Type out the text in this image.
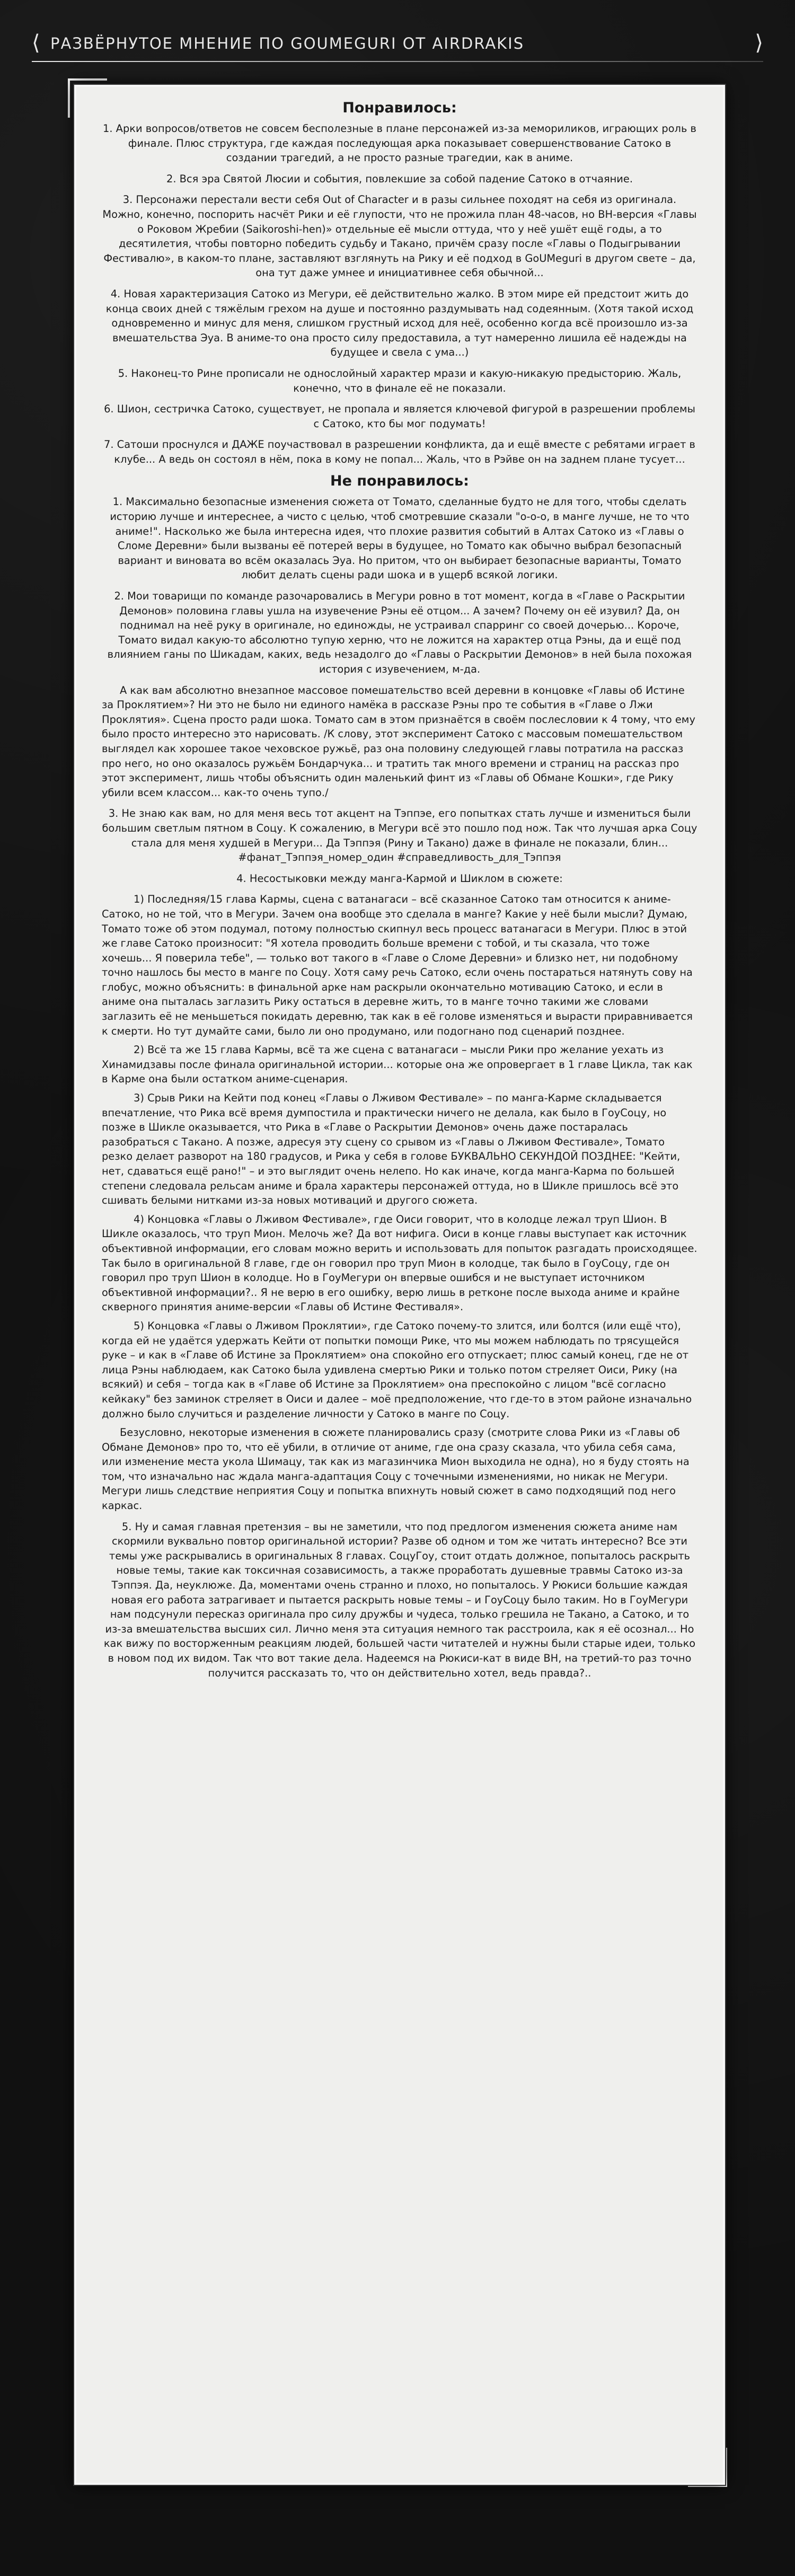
⟨ РАЗВЁРНУТОЕ МНЕНИЕ ПО GOUMEGURI ОТ AIRDRAKIS	⟩
Понравилось:

1. Арки вопросов/ответов не совсем бесполезные в плане персонажей из-за мемориликов, играющих роль в финале. Плюс структура, где каждая последующая арка показывает совершенствование Сатоко в создании трагедий, а не просто разные трагедии, как в аниме.

2. Вся эра Святой Люсии и события, повлекшие за собой падение Сатоко в отчаяние.

3. Персонажи перестали вести себя Out of Character и в разы сильнее походят на себя из оригинала. Можно, конечно, поспорить насчёт Рики и её глупости, что не прожила план 48-часов, но ВН-версия «Главы о Роковом Жребии (Saikoroshi-hen)» отдельные её мысли оттуда, что у неё ушёт ещё годы, а то десятилетия, чтобы повторно победить судьбу и Такано, причём сразу после «Главы о Подыгрывании Фестивалю», в каком-то плане, заставляют взглянуть на Рику и её подход в GoUMeguri в другом свете – да, она тут даже умнее и инициативнее себя обычной...

4. Новая характеризация Сатоко из Мегури, её действительно жалко. В этом мире ей предстоит жить до конца своих дней с тяжёлым грехом на душе и постоянно раздумывать над содеянным. (Хотя такой исход одновременно и минус для меня, слишком грустный исход для неё, особенно когда всё произошло из-за вмешательства Эуа. В аниме-то она просто силу предоставила, а тут намеренно лишила её надежды на будущее и свела с ума...)

5. Наконец-то Рине прописали не однослойный характер мрази и какую-никакую предысторию. Жаль, конечно, что в финале её не показали.

6. Шион, сестричка Сатоко, существует, не пропала и является ключевой фигурой в разрешении проблемы с Сатоко, кто бы мог подумать!

7. Сатоши проснулся и ДАЖЕ поучаствовал в разрешении конфликта, да и ещё вместе с ребятами играет в клубе... А ведь он состоял в нём, пока в кому не попал... Жаль, что в Рэйве он на заднем плане тусует...

Не понравилось:

1. Максимально безопасные изменения сюжета от Томато, сделанные будто не для того, чтобы сделать историю лучше и интереснее, а чисто с целью, чтоб смотревшие сказали "о-о-о, в манге лучше, не то что аниме!". Насколько же была интересна идея, что плохие развития событий в Алтах Сатоко из «Главы о Сломе Деревни» были вызваны её потерей веры в будущее, но Томато как обычно выбрал безопасный вариант и виновата во всём оказалась Эуа. Но притом, что он выбирает безопасные варианты, Томато любит делать сцены ради шока и в ущерб всякой логики.

2. Мои товарищи по команде разочаровались в Мегури ровно в тот момент, когда в «Главе о Раскрытии Демонов» половина главы ушла на изувечение Рэны её отцом... А зачем? Почему он её изувил? Да, он поднимал на неё руку в оригинале, но единожды, не устраивал спарринг со своей дочерью... Короче, Томато видал какую-то абсолютно тупую херню, что не ложится на характер отца Рэны, да и ещё под влиянием ганы по Шикадам, каких, ведь незадолго до «Главы о Раскрытии Демонов» в ней была похожая история с изувечением, м-да.

А как вам абсолютно внезапное массовое помешательство всей деревни в концовке «Главы об Истине за Проклятием»? Ни это не было ни единого намёка в рассказе Рэны про те события в «Главе о Лжи Проклятия». Сцена просто ради шока. Томато сам в этом признаётся в своём послесловии к 4 тому, что ему было просто интересно это нарисовать. /К слову, этот эксперимент Сатоко с массовым помешательством выглядел как хорошее такое чеховское ружьё, раз она половину следующей главы потратила на рассказ про него, но оно оказалось ружьём Бондарчука... и тратить так много времени и страниц на рассказ про этот эксперимент, лишь чтобы объяснить один маленький финт из «Главы об Обмане Кошки», где Рику убили всем классом... как-то очень тупо./

3. Не знаю как вам, но для меня весь тот акцент на Тэппэе, его попытках стать лучше и измениться были большим светлым пятном в Соцу. К сожалению, в Мегури всё это пошло под нож. Так что лучшая арка Соцу стала для меня худшей в Мегури... Да Тэппэя (Рину и Такано) даже в финале не показали, блин... #фанат_Тэппэя_номер_один #справедливость_для_Тэппэя

4. Несостыковки между манга-Кармой и Шиклом в сюжете:

1) Последняя/15 глава Кармы, сцена с ватанагаси – всё сказанное Сатоко там относится к аниме-Сатоко, но не той, что в Мегури. Зачем она вообще это сделала в манге? Какие у неё были мысли? Думаю, Томато тоже об этом подумал, потому полностью скипнул весь процесс ватанагаси в Мегури. Плюс в этой же главе Сатоко произносит: "Я хотела проводить больше времени с тобой, и ты сказала, что тоже хочешь... Я поверила тебе", — только вот такого в «Главе о Сломе Деревни» и близко нет, ни подобному точно нашлось бы место в манге по Соцу. Хотя саму речь Сатоко, если очень постараться натянуть сову на глобус, можно объяснить: в финальной арке нам раскрыли окончательно мотивацию Сатоко, и если в аниме она пыталась заглазить Рику остаться в деревне жить, то в манге точно такими же словами заглазить её не меньшеться покидать деревню, так как в её голове изменяться и вырасти приравнивается к смерти. Но тут думайте сами, было ли оно продумано, или подогнано под сценарий позднее.

2) Всё та же 15 глава Кармы, всё та же сцена с ватанагаси – мысли Рики про желание уехать из Хинамидзавы после финала оригинальной истории... которые она же опровергает в 1 главе Цикла, так как в Карме она были остатком аниме-сценария.

3) Срыв Рики на Кейти под конец «Главы о Лживом Фестивале» – по манга-Карме складывается впечатление, что Рика всё время думпостила и практически ничего не делала, как было в ГоуСоцу, но позже в Шикле оказывается, что Рика в «Главе о Раскрытии Демонов» очень даже постаралась разобраться с Такано. А позже, адресуя эту сцену со срывом из «Главы о Лживом Фестивале», Томато резко делает разворот на 180 градусов, и Рика у себя в голове БУКВАЛЬНО СЕКУНДОЙ ПОЗДНЕЕ: "Кейти, нет, сдаваться ещё рано!" – и это выглядит очень нелепо. Но как иначе, когда манга-Карма по большей степени следовала рельсам аниме и брала характеры персонажей оттуда, но в Шикле пришлось всё это сшивать белыми нитками из-за новых мотиваций и другого сюжета.

4) Концовка «Главы о Лживом Фестивале», где Оиси говорит, что в колодце лежал труп Шион. В Шикле оказалось, что труп Мион. Мелочь же? Да вот нифига. Оиси в конце главы выступает как источник объективной информации, его словам можно верить и использовать для попыток разгадать происходящее. Так было в оригинальной 8 главе, где он говорил про труп Мион в колодце, так было в ГоуСоцу, где он говорил про труп Шион в колодце. Но в ГоуМегури он впервые ошибся и не выступает источником объективной информации?.. Я не верю в его ошибку, верю лишь в ретконе после выхода аниме и крайне скверного принятия аниме-версии «Главы об Истине Фестиваля».

5) Концовка «Главы о Лживом Проклятии», где Сатоко почему-то злится, или болтся (или ещё что), когда ей не удаётся удержать Кейти от попытки помощи Рике, что мы можем наблюдать по трясущейся руке – и как в «Главе об Истине за Проклятием» она спокойно его отпускает; плюс самый конец, где не от лица Рэны наблюдаем, как Сатоко была удивлена смертью Рики и только потом стреляет Оиси, Рику (на всякий) и себя – тогда как в «Главе об Истине за Проклятием» она преспокойно с лицом "всё согласно кейкаку" без заминок стреляет в Оиси и далее – моё предположение, что где-то в этом районе изначально должно было случиться и разделение личности у Сатоко в манге по Соцу.

Безусловно, некоторые изменения в сюжете планировались сразу (смотрите слова Рики из «Главы об Обмане Демонов» про то, что её убили, в отличие от аниме, где она сразу сказала, что убила себя сама, или изменение места укола Шимацу, так как из магазинчика Мион выходила не одна), но я буду стоять на том, что изначально нас ждала манга-адаптация Соцу с точечными изменениями, но никак не Мегури. Мегури лишь следствие неприятия Соцу и попытка впихнуть новый сюжет в само подходящий под него каркас.

5. Ну и самая главная претензия – вы не заметили, что под предлогом изменения сюжета аниме нам скормили вуквально повтор оригинальной истории? Разве об одном и том же читать интересно? Все эти темы уже раскрывались в оригинальных 8 главах. СоцуГоу, стоит отдать должное, попыталось раскрыть новые темы, такие как токсичная созависимость, а также проработать душевные травмы Сатоко из-за Тэппэя. Да, неуклюже. Да, моментами очень странно и плохо, но попыталось. У Рюкиси большие каждая новая его работа затрагивает и пытается раскрыть новые темы – и ГоуСоцу было таким. Но в ГоуМегури нам подсунули пересказ оригинала про силу дружбы и чудеса, только грешила не Такано, а Сатоко, и то из-за вмешательства высших сил. Лично меня эта ситуация немного так расстроила, как я её осознал... Но как вижу по восторженным реакциям людей, большей части читателей и нужны были старые идеи, только в новом под их видом. Так что вот такие дела. Надеемся на Рюкиси-кат в виде ВН, на третий-то раз точно получится рассказать то, что он действительно хотел, ведь правда?..
